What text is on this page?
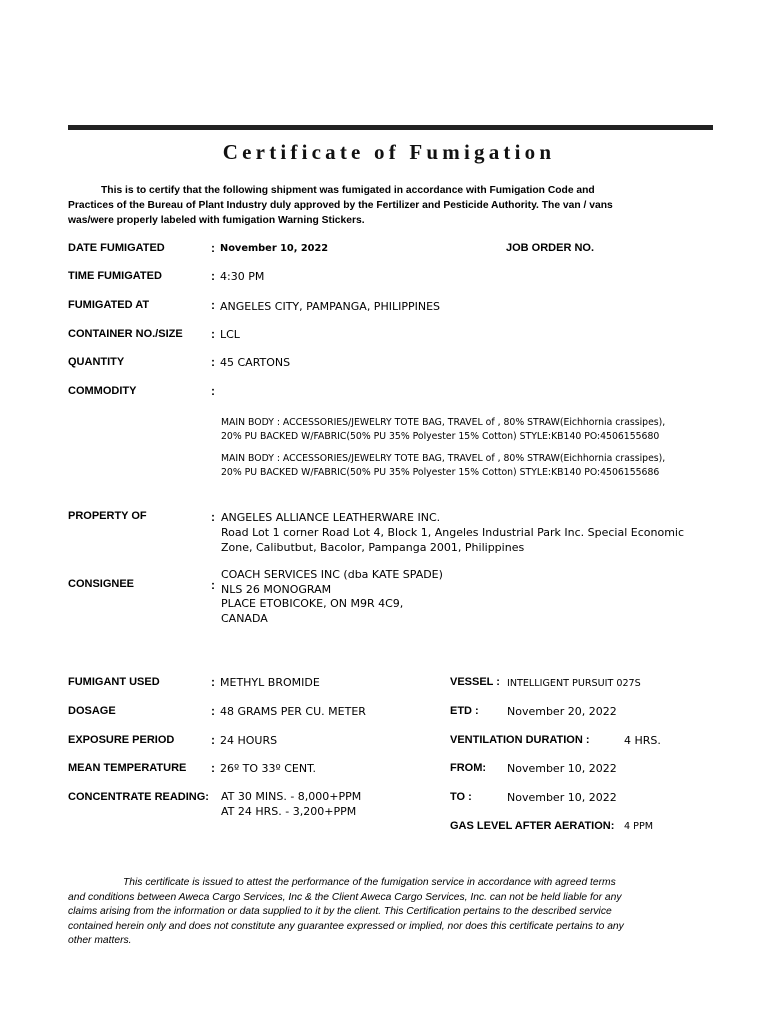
Certificate of Fumigation
This is to certify that the following shipment was fumigated in accordance with Fumigation Code and Practices of the Bureau of Plant Industry duly approved by the Fertilizer and Pesticide Authority. The van / vans was/were properly labeled with fumigation Warning Stickers.
DATE FUMIGATED	: November 10, 2022	JOB ORDER NO.
TIME FUMIGATED	: 4:30 PM
FUMIGATED AT	: ANGELES CITY, PAMPANGA, PHILIPPINES
CONTAINER NO./SIZE : LCL
QUANTITY	: 45 CARTONS
COMMODITY	:
MAIN BODY : ACCESSORIES/JEWELRY TOTE BAG, TRAVEL of , 80% STRAW(Eichhornia crassipes),
20% PU BACKED W/FABRIC(50% PU 35% Polyester 15% Cotton) STYLE:KB140 PO:4506155680
MAIN BODY : ACCESSORIES/JEWELRY TOTE BAG, TRAVEL of , 80% STRAW(Eichhornia crassipes),
20% PU BACKED W/FABRIC(50% PU 35% Polyester 15% Cotton) STYLE:KB140 PO:4506155686
PROPERTY OF	: ANGELES ALLIANCE LEATHERWARE INC.
Road Lot 1 corner Road Lot 4, Block 1, Angeles Industrial Park Inc. Special Economic
Zone, Calibutbut, Bacolor, Pampanga 2001, Philippines
CONSIGNEE	:
COACH SERVICES INC (dba KATE SPADE)
NLS 26 MONOGRAM
PLACE ETOBICOKE, ON M9R 4C9,
CANADA
FUMIGANT USED	: METHYL BROMIDE
DOSAGE	: 48 GRAMS PER CU. METER
EXPOSURE PERIOD	: 24 HOURS
MEAN TEMPERATURE : 26º TO 33º CENT.
CONCENTRATE READING: AT 30 MINS. - 8,000+PPM
AT 24 HRS. - 3,200+PPM
VESSEL : INTELLIGENT PURSUIT 027S
ETD :	November 20, 2022
VENTILATION DURATION :	4 HRS.
FROM: November 10, 2022
TO :	November 10, 2022
GAS LEVEL AFTER AERATION: 4 PPM
This certificate is issued to attest the performance of the fumigation service in accordance with agreed terms and conditions between Aweca Cargo Services, Inc & the Client Aweca Cargo Services, Inc. can not be held liable for any claims arising from the information or data supplied to it by the client. This Certification pertains to the described service contained herein only and does not constitute any guarantee expressed or implied, nor does this certificate pertains to any other matters.
